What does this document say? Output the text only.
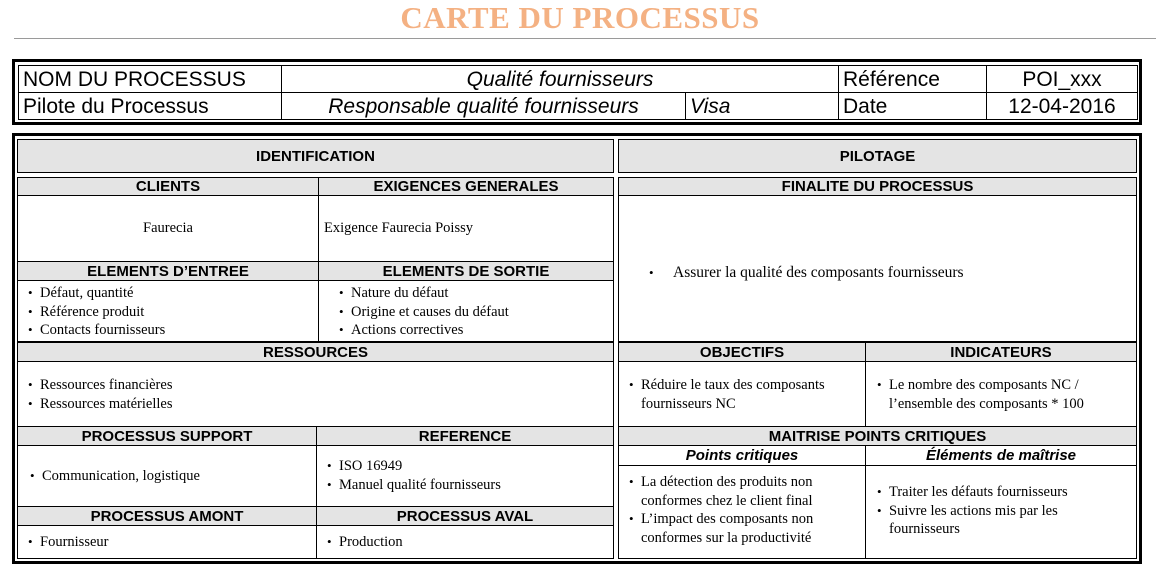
CARTE DU PROCESSUS
NOM DU PROCESSUS	Qualité fournisseurs	Référence	POI_xxx
Pilote du Processus	Responsable qualité fournisseurs	Visa	Date	12-04-2016
IDENTIFICATION
CLIENTS	EXIGENCES GENERALES
Faurecia	Exigence Faurecia Poissy
ELEMENTS D’ENTREE	ELEMENTS DE SORTIE
• Défaut, quantité
• Référence produit
• Contacts fournisseurs
• Nature du défaut
• Origine et causes du défaut
• Actions correctives
RESSOURCES
• Ressources financières
• Ressources matérielles
PROCESSUS SUPPORT	REFERENCE
• Communication, logistique
• ISO 16949
• Manuel qualité fournisseurs
PROCESSUS AMONT	PROCESSUS AVAL
• Fournisseur
•	Production
PILOTAGE
FINALITE DU PROCESSUS
• Assurer la qualité des composants fournisseurs
OBJECTIFS	INDICATEURS
• Réduire le taux des composants fournisseurs NC
• Le nombre des composants NC / l’ensemble des composants * 100
MAITRISE POINTS CRITIQUES
Points critiques	Éléments de maîtrise
• La détection des produits non conformes chez le client final
• L’impact des composants non conformes sur la productivité
• Traiter les défauts fournisseurs
• Suivre les actions mis par les fournisseurs
